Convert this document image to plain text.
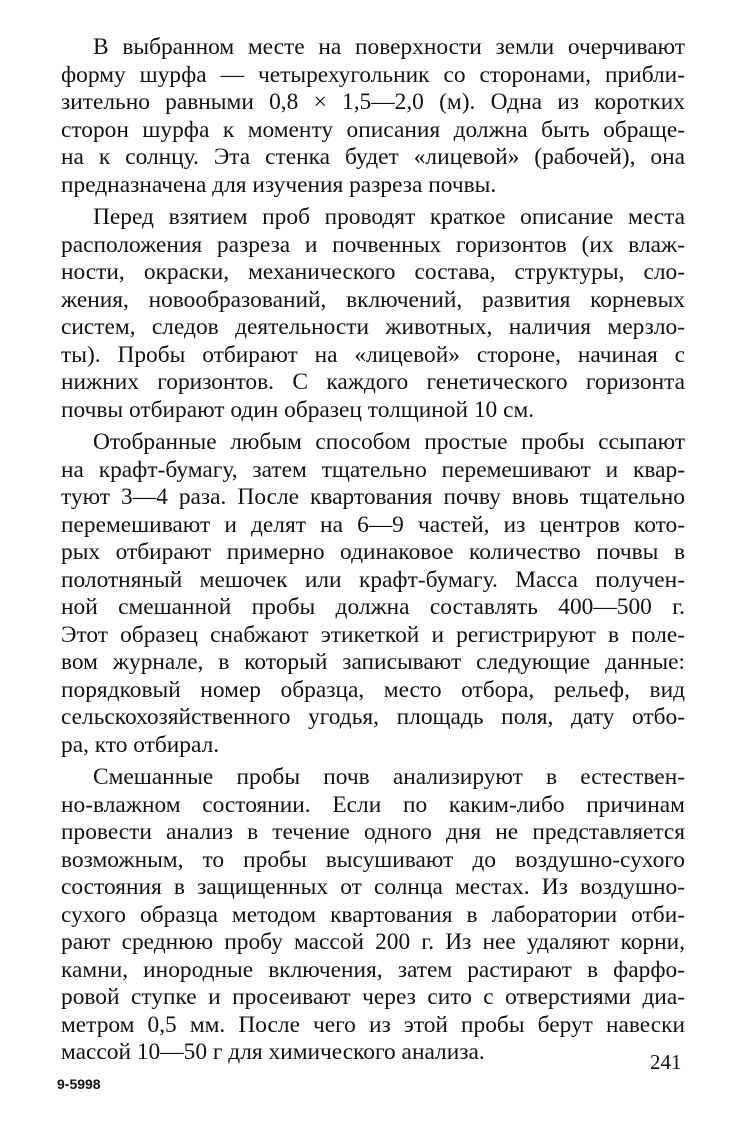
В выбранном месте на поверхности земли очерчивают
форму шурфа — четырехугольник со сторонами, прибли-
зительно равными 0,8 × 1,5—2,0 (м). Одна из коротких
сторон шурфа к моменту описания должна быть обраще-
на к солнцу. Эта стенка будет «лицевой» (рабочей), она
предназначена для изучения разреза почвы.
Перед взятием проб проводят краткое описание места
расположения разреза и почвенных горизонтов (их влаж-
ности, окраски, механического состава, структуры, сло-
жения, новообразований, включений, развития корневых
систем, следов деятельности животных, наличия мерзло-
ты). Пробы отбирают на «лицевой» стороне, начиная с
нижних горизонтов. С каждого генетического горизонта
почвы отбирают один образец толщиной 10 см.
Отобранные любым способом простые пробы ссыпают
на крафт-бумагу, затем тщательно перемешивают и квар-
туют 3—4 раза. После квартования почву вновь тщательно
перемешивают и делят на 6—9 частей, из центров кото-
рых отбирают примерно одинаковое количество почвы в
полотняный мешочек или крафт-бумагу. Масса получен-
ной смешанной пробы должна составлять 400—500 г.
Этот образец снабжают этикеткой и регистрируют в поле-
вом журнале, в который записывают следующие данные:
порядковый номер образца, место отбора, рельеф, вид
сельскохозяйственного угодья, площадь поля, дату отбо-
ра, кто отбирал.
Смешанные пробы почв анализируют в естествен-
но-влажном состоянии. Если по каким-либо причинам
провести анализ в течение одного дня не представляется
возможным, то пробы высушивают до воздушно-сухого
состояния в защищенных от солнца местах. Из воздушно-
сухого образца методом квартования в лаборатории отби-
рают среднюю пробу массой 200 г. Из нее удаляют корни,
камни, инородные включения, затем растирают в фарфо-
ровой ступке и просеивают через сито с отверстиями диа-
метром 0,5 мм. После чего из этой пробы берут навески
массой 10—50 г для химического анализа.	241
9-5998
